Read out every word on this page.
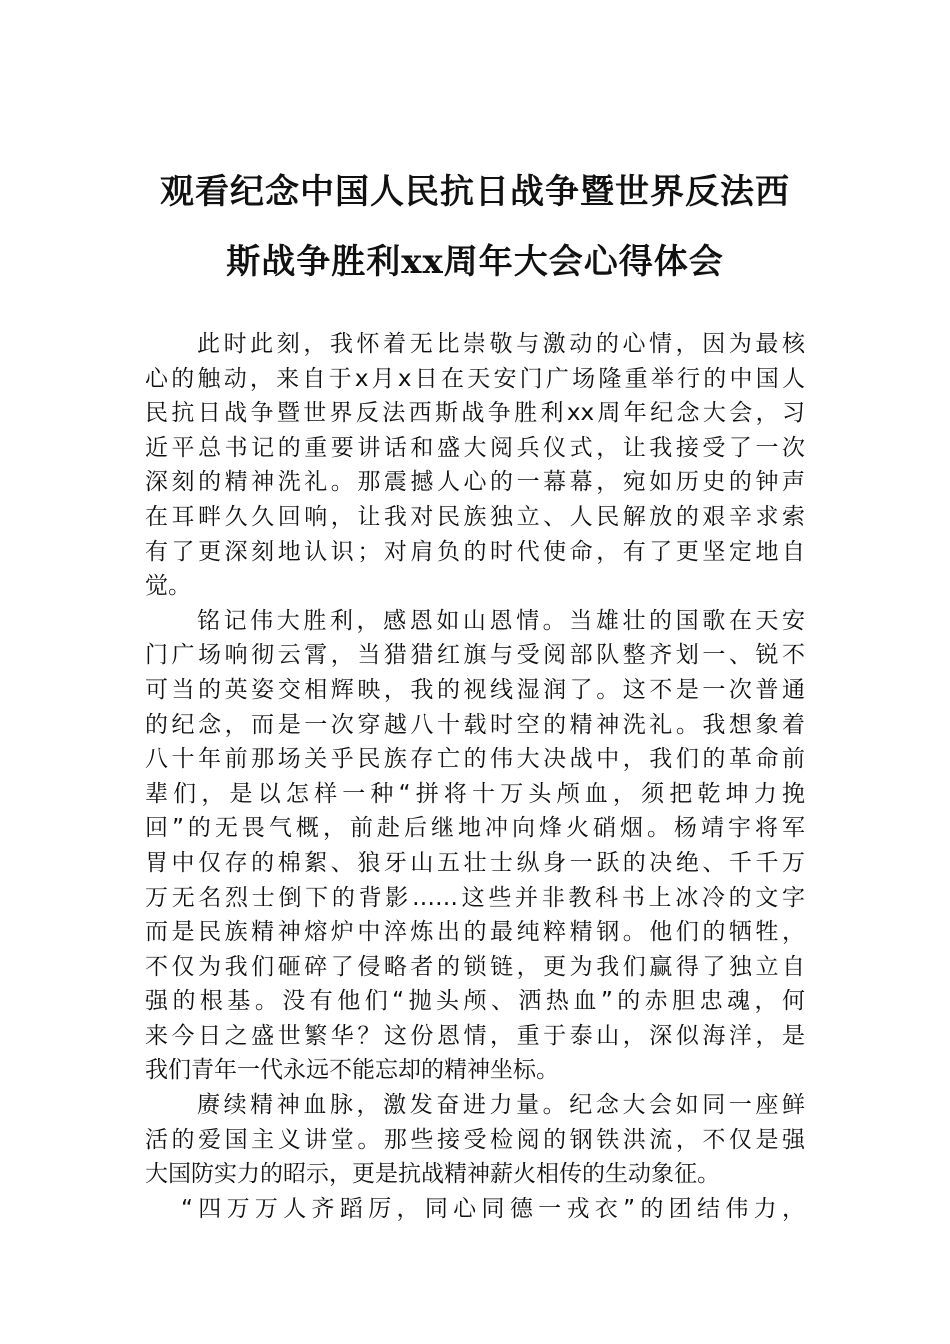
观看纪念中国人民抗日战争暨世界反法西
斯战争胜利xx周年大会心得体会
此时此刻，我怀着无比崇敬与激动的心情，因为最核
心的触动，来自于x月x日在天安门广场隆重举行的中国人
民抗日战争暨世界反法西斯战争胜利xx周年纪念大会，习
近平总书记的重要讲话和盛大阅兵仪式，让我接受了一次
深刻的精神洗礼。那震撼人心的一幕幕，宛如历史的钟声
在耳畔久久回响，让我对民族独立、人民解放的艰辛求索
有了更深刻地认识；对肩负的时代使命，有了更坚定地自
觉。
铭记伟大胜利，感恩如山恩情。当雄壮的国歌在天安
门广场响彻云霄，当猎猎红旗与受阅部队整齐划一、锐不
可当的英姿交相辉映，我的视线湿润了。这不是一次普通
的纪念，而是一次穿越八十载时空的精神洗礼。我想象着
八十年前那场关乎民族存亡的伟大决战中，我们的革命前
辈们，是以怎样一种“拼将十万头颅血，须把乾坤力挽
回”的无畏气概，前赴后继地冲向烽火硝烟。杨靖宇将军
胃中仅存的棉絮、狼牙山五壮士纵身一跃的决绝、千千万
万无名烈士倒下的背影……这些并非教科书上冰冷的文字
而是民族精神熔炉中淬炼出的最纯粹精钢。他们的牺牲，
不仅为我们砸碎了侵略者的锁链，更为我们赢得了独立自
强的根基。没有他们“抛头颅、洒热血”的赤胆忠魂，何
来今日之盛世繁华？这份恩情，重于泰山，深似海洋，是
我们青年一代永远不能忘却的精神坐标。
赓续精神血脉，激发奋进力量。纪念大会如同一座鲜
活的爱国主义讲堂。那些接受检阅的钢铁洪流，不仅是强
大国防实力的昭示，更是抗战精神薪火相传的生动象征。
“四万万人齐蹈厉，同心同德一戎衣”的团结伟力，
